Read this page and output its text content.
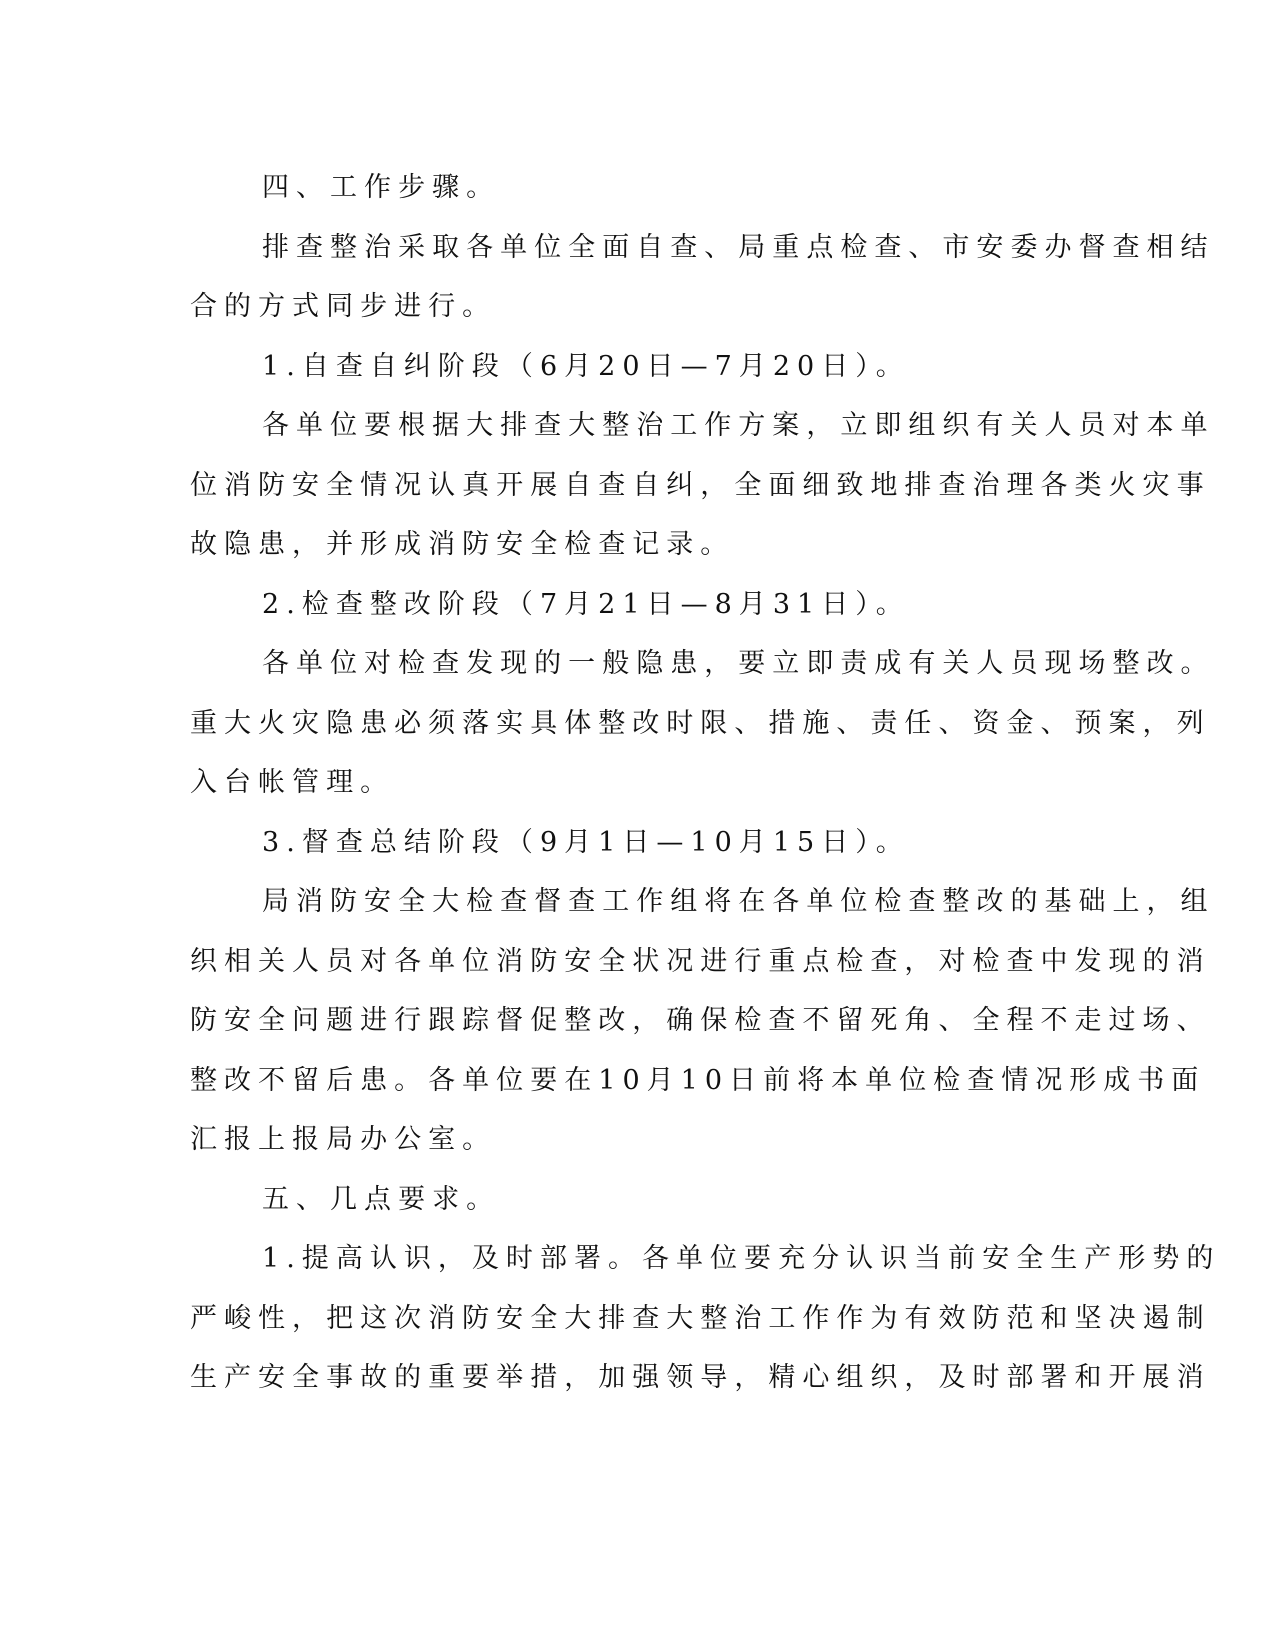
四、工作步骤。
排查整治采取各单位全面自查、局重点检查、市安委办督查相结
合的方式同步进行。
1.自查自纠阶段（6月20日—7月20日）。
各单位要根据大排查大整治工作方案，立即组织有关人员对本单
位消防安全情况认真开展自查自纠，全面细致地排查治理各类火灾事
故隐患，并形成消防安全检查记录。
2.检查整改阶段（7月21日—8月31日）。
各单位对检查发现的一般隐患，要立即责成有关人员现场整改。
重大火灾隐患必须落实具体整改时限、措施、责任、资金、预案，列
入台帐管理。
3.督查总结阶段（9月1日—10月15日）。
局消防安全大检查督查工作组将在各单位检查整改的基础上，组
织相关人员对各单位消防安全状况进行重点检查，对检查中发现的消
防安全问题进行跟踪督促整改，确保检查不留死角、全程不走过场、
整改不留后患。各单位要在10月10日前将本单位检查情况形成书面
汇报上报局办公室。
五、几点要求。
1.提高认识，及时部署。各单位要充分认识当前安全生产形势的
严峻性，把这次消防安全大排查大整治工作作为有效防范和坚决遏制
生产安全事故的重要举措，加强领导，精心组织，及时部署和开展消
